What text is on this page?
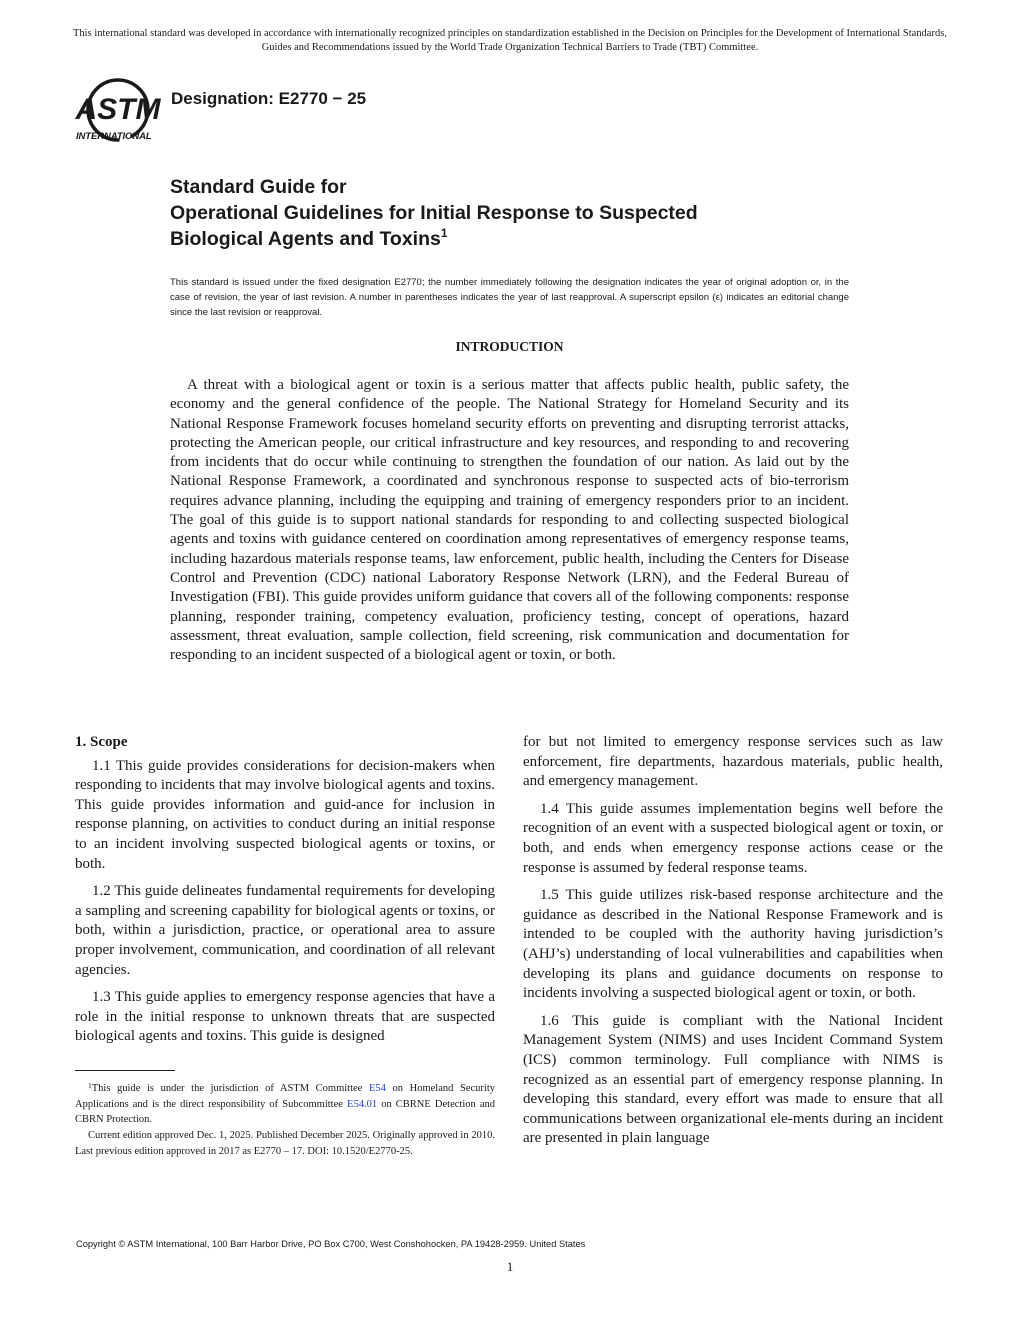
This international standard was developed in accordance with internationally recognized principles on standardization established in the Decision on Principles for the Development of International Standards, Guides and Recommendations issued by the World Trade Organization Technical Barriers to Trade (TBT) Committee.
ASTM
INTERNATIONAL
Designation: E2770 − 25
Standard Guide for
Operational Guidelines for Initial Response to Suspected
Biological Agents and Toxins$^1$
This standard is issued under the fixed designation E2770; the number immediately following the designation indicates the year of original adoption or, in the case of revision, the year of last revision. A number in parentheses indicates the year of last reapproval. A superscript epsilon (ε) indicates an editorial change since the last revision or reapproval.
INTRODUCTION

A threat with a biological agent or toxin is a serious matter that affects public health, public safety, the economy and the general confidence of the people. The National Strategy for Homeland Security and its National Response Framework focuses homeland security efforts on preventing and disrupting terrorist attacks, protecting the American people, our critical infrastructure and key resources, and responding to and recovering from incidents that do occur while continuing to strengthen the foundation of our nation. As laid out by the National Response Framework, a coordinated and synchronous response to suspected acts of bio-terrorism requires advance planning, including the equipping and training of emergency responders prior to an incident. The goal of this guide is to support national standards for responding to and collecting suspected biological agents and toxins with guidance centered on coordination among representatives of emergency response teams, including hazardous materials response teams, law enforcement, public health, including the Centers for Disease Control and Prevention (CDC) national Laboratory Response Network (LRN), and the Federal Bureau of Investigation (FBI). This guide provides uniform guidance that covers all of the following components: response planning, responder training, competency evaluation, proficiency testing, concept of operations, hazard assessment, threat evaluation, sample collection, field screening, risk communication and documentation for responding to an incident suspected of a biological agent or toxin, or both.

1. Scope

1.1 This guide provides considerations for decision-makers when responding to incidents that may involve biological agents and toxins. This guide provides information and guid-ance for inclusion in response planning, on activities to conduct during an initial response to an incident involving suspected biological agents or toxins, or both.

1.2 This guide delineates fundamental requirements for developing a sampling and screening capability for biological agents or toxins, or both, within a jurisdiction, practice, or operational area to assure proper involvement, communication, and coordination of all relevant agencies.

1.3 This guide applies to emergency response agencies that have a role in the initial response to unknown threats that are suspected biological agents and toxins. This guide is designed

for but not limited to emergency response services such as law enforcement, fire departments, hazardous materials, public health, and emergency management.

1.4 This guide assumes implementation begins well before the recognition of an event with a suspected biological agent or toxin, or both, and ends when emergency response actions cease or the response is assumed by federal response teams.

1.5 This guide utilizes risk-based response architecture and the guidance as described in the National Response Framework and is intended to be coupled with the authority having jurisdiction’s (AHJ’s) understanding of local vulnerabilities and capabilities when developing its plans and guidance documents on response to incidents involving a suspected biological agent or toxin, or both.

1.6 This guide is compliant with the National Incident Management System (NIMS) and uses Incident Command System (ICS) common terminology. Full compliance with NIMS is recognized as an essential part of emergency response planning. In developing this standard, every effort was made to ensure that all communications between organizational ele-ments during an incident are presented in plain language

$^1$This guide is under the jurisdiction of ASTM Committee E54 on Homeland Security Applications and is the direct responsibility of Subcommittee E54.01 on CBRNE Detection and CBRN Protection.

Current edition approved Dec. 1, 2025. Published December 2025. Originally approved in 2010. Last previous edition approved in 2017 as E2770 – 17. DOI: 10.1520/E2770-25.

Copyright © ASTM International, 100 Barr Harbor Drive, PO Box C700, West Conshohocken, PA 19428-2959. United States
1
